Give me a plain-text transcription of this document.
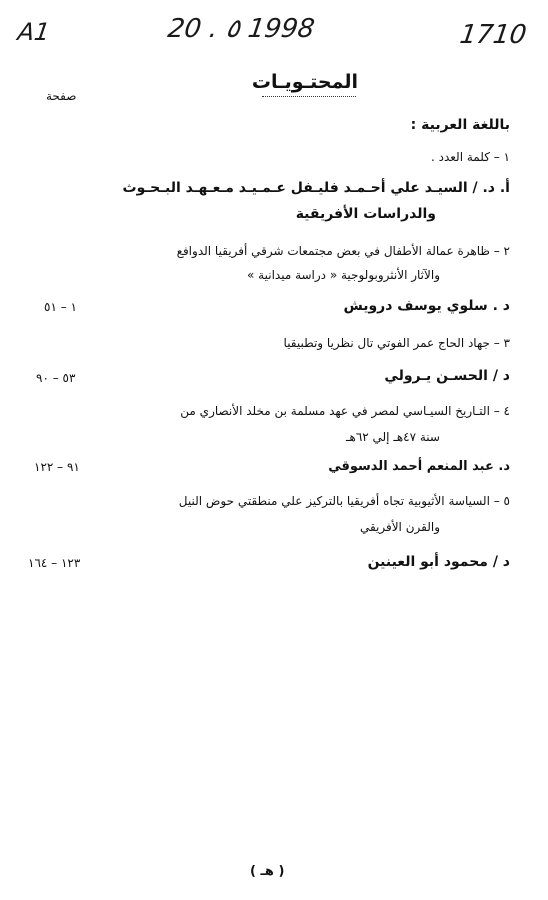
A1	20 . ٥ 1998	1710
المحتـويـات
صفحة
باللغة العربية :
١ – كلمة العدد .
أ. د. / السيـد علي أحـمـد فليـفل عـمـيـد مـعـهـد البـحـوث
والدراسات الأفريقية
٢ – ظاهرة عمالة الأطفال في بعض مجتمعات شرقي أفريقيا الدوافع
والآثار الأنثروبولوجية « دراسة ميدانية »
د . سلوي يوسف درويش
١ – ٥١
٣ – جهاد الحاج عمر الفوتي تال نظريا وتطبيقيا
د / الحسـن يـرولي
٥٣ – ٩٠
٤ – التـاريخ السيـاسي لمصر في عهد مسلمة بن مخلد الأنصاري من
سنة ٤٧هـ إلي ٦٢هـ
د. عبد المنعم أحمد الدسوقي
٩١ – ١٢٢
٥ – السياسة الأثيوبية تجاه أفريقيا بالتركيز علي منطقتي حوض النيل
والقرن الأفريقي
د / محمود أبو العينين
١٢٣ – ١٦٤
( هـ )
